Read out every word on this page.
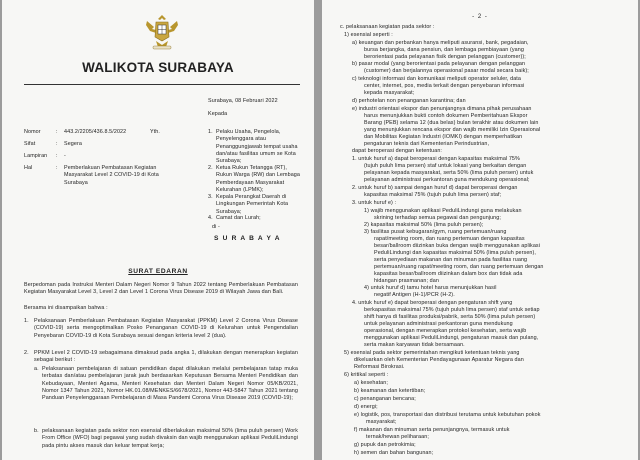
WALIKOTA SURABAYA
Surabaya, 08 Februari 2022
Kepada
Yth.
Nomor	: 443.2/2205/436.8.5/2022
Sifat	: Segera
Lampiran	: -
Hal	: Pemberlakuan Pembatasan Kegiatan Masyarakat Level 2 COVID-19 di Kota Surabaya
1. Pelaku Usaha, Pengelola, Penyelenggara atau Penanggungjawab tempat usaha dan/atau fasilitas umum se Kota Surabaya;
2. Ketua Rukun Tetangga (RT), Rukun Warga (RW) dan Lembaga Pemberdayaan Masyarakat Kelurahan (LPMK);
3. Kepala Perangkat Daerah di Lingkungan Pemerintah Kota Surabaya;
4. Camat dan Lurah;
di -
S U R A B A Y A
SURAT EDARAN
Berpedoman pada Instruksi Menteri Dalam Negeri Nomor 9 Tahun 2022 tentang Pemberlakuan Pembatasan Kegiatan Masyarakat Level 3, Level 2 dan Level 1 Corona Virus Disease 2019 di Wilayah Jawa dan Bali.
Bersama ini disampaikan bahwa :
1. Pelaksanaan Pemberlakuan Pembatasan Kegiatan Masyarakat (PPKM) Level 2 Corona Virus Disease (COVID-19) serta mengoptimalkan Posko Penanganan COVID-19 di Kelurahan untuk Pengendalian Penyebaran COVID-19 di Kota Surabaya sesuai dengan kriteria level 2 (dua).
2. PPKM Level 2 COVID-19 sebagaimana dimaksud pada angka 1, dilakukan dengan menerapkan kegiatan sebagai berikut :
a. Pelaksanaan pembelajaran di satuan pendidikan dapat dilakukan melalui pembelajaran tatap muka terbatas dan/atau pembelajaran jarak jauh berdasarkan Keputusan Bersama Menteri Pendidikan dan Kebudayaan, Menteri Agama, Menteri Kesehatan dan Menteri Dalam Negeri Nomor 05/KB/2021, Nomor 1347 Tahun 2021, Nomor HK.01.08/MENKES/6678/2021, Nomor 443-5847 Tahun 2021 tentang Panduan Penyelenggaraan Pembelajaran di Masa Pandemi Corona Virus Disease 2019 (COVID-19);
b. pelaksanaan kegiatan pada sektor non esensial diberlakukan maksimal 50% (lima puluh persen) Work From Office (WFO) bagi pegawai yang sudah divaksin dan wajib menggunakan aplikasi PeduliLindungi pada pintu akses masuk dan keluar tempat kerja;
- 2 -
c. pelaksanaan kegiatan pada sektor :
1) esensial seperti :
a) keuangan dan perbankan hanya meliputi asuransi, bank, pegadaian,
bursa berjangka, dana pensiun, dan lembaga pembiayaan (yang
berorientasi pada pelayanan fisik dengan pelanggan (customer));
b) pasar modal (yang berorientasi pada pelayanan dengan pelanggan
(customer) dan berjalannya operasional pasar modal secara baik);
c) teknologi informasi dan komunikasi meliputi operator seluler, data
center, internet, pos, media terkait dengan penyebaran informasi
kepada masyarakat;
d) perhotelan non penanganan karantina; dan
e) industri orientasi ekspor dan penunjangnya dimana pihak perusahaan
harus menunjukkan bukti contoh dokumen Pemberitahuan Ekspor
Barang (PEB) selama 12 (dua belas) bulan terakhir atau dokumen lain
yang menunjukkan rencana ekspor dan wajib memiliki Izin Operasional
dan Mobilitas Kegiatan Industri (IOMKI) dengan memperhatikan
pengaturan teknis dari Kementerian Perindustrian,
dapat beroperasi dengan ketentuan:
1. untuk huruf a) dapat beroperasi dengan kapasitas maksimal 75%
(tujuh puluh lima persen) staf untuk lokasi yang berkaitan dengan
pelayanan kepada masyarakat, serta 50% (lima puluh persen) untuk
pelayanan administrasi perkantoran guna mendukung operasional;
2. untuk huruf b) sampai dengan huruf d) dapat beroperasi dengan
kapasitas maksimal 75% (tujuh puluh lima persen) staf;
3. untuk huruf e) :
1) wajib menggunakan aplikasi PeduliLindungi guna melakukan
skrining terhadap semua pegawai dan pengunjung;
2) kapasitas maksimal 50% (lima puluh persen);
3) fasilitas pusat kebugaran/gym, ruang pertemuan/ruang
rapat/meeting room, dan ruang pertemuan dengan kapasitas
besar/ballroom diizinkan buka dengan wajib menggunakan aplikasi
PeduliLindungi dan kapasitas maksimal 50% (lima puluh persen),
serta penyediaan makanan dan minuman pada fasilitas ruang
pertemuan/ruang rapat/meeting room, dan ruang pertemuan dengan
kapasitas besar/ballroom diizinkan dalam box dan tidak ada
hidangan prasmanan; dan
4) untuk huruf d) tamu hotel harus menunjukkan hasil
negatif Antigen (H-1)/PCR (H-2).
4. untuk huruf e) dapat beroperasi dengan pengaturan shift yang
berkapasitas maksimal 75% (tujuh puluh lima persen) staf untuk setiap
shift hanya di fasilitas produksi/pabrik, serta 50% (lima puluh persen)
untuk pelayanan administrasi perkantoran guna mendukung
operasional, dengan menerapkan protokol kesehatan, serta wajib
menggunakan aplikasi PeduliLindungi, pengaturan masuk dan pulang,
serta makan karyawan tidak bersamaan.
5) esensial pada sektor pemerintahan mengikuti ketentuan teknis yang
dikeluarkan oleh Kementerian Pendayagunaan Aparatur Negara dan
Reformasi Birokrasi.
6) kritikal seperti :
a) kesehatan;
b) keamanan dan ketertiban;
c) penanganan bencana;
d) energi;
e) logistik, pos, transportasi dan distribusi terutama untuk kebutuhan pokok
masyarakat;
f) makanan dan minuman serta penunjangnya, termasuk untuk
ternak/hewan peliharaan;
g) pupuk dan petrokimia;
h) semen dan bahan bangunan;
